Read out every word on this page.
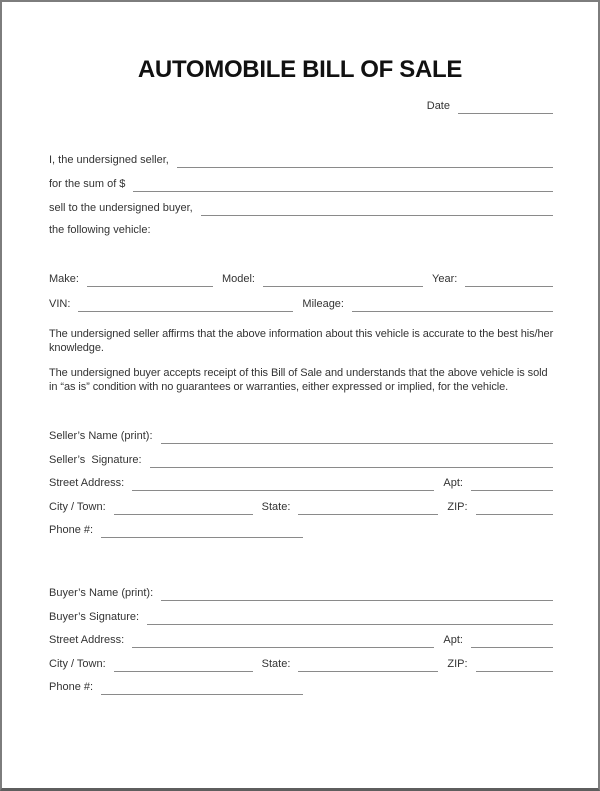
AUTOMOBILE BILL OF SALE
Date
I, the undersigned seller,
for the sum of $
sell to the undersigned buyer,
the following vehicle:
Make:	Model:	Year:
VIN:	Mileage:
The undersigned seller affirms that the above information about this vehicle is accurate to the best his/her
knowledge.
The undersigned buyer accepts receipt of this Bill of Sale and understands that the above vehicle is sold
in “as is” condition with no guarantees or warranties, either expressed or implied, for the vehicle.
Seller’s Name (print):
Seller’s  Signature:
Street Address:	Apt:
City / Town:	State:	ZIP:
Phone #:
Buyer’s Name (print):
Buyer’s Signature:
Street Address:	Apt:
City / Town:	State:	ZIP:
Phone #:
